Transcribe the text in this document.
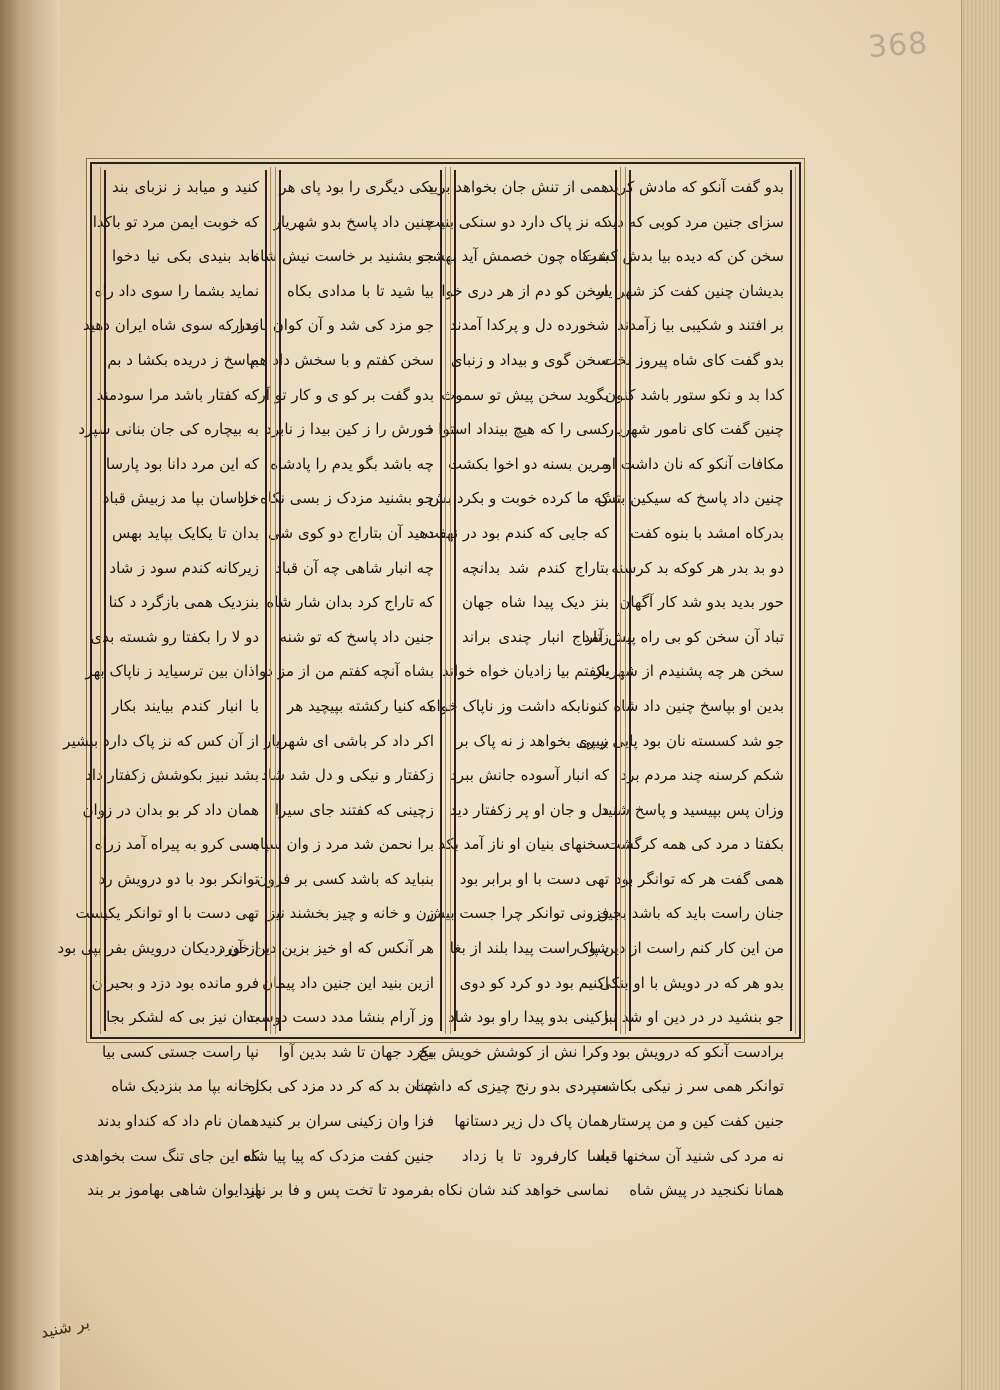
368
بدو گفت آنکو که مادش کرید
سزای جنین مرد کوبی که دید
سخن کن که دیده بیا بدش کشت
بدیشان چنین کفت کز شهر یار
بر افتند و شکیبی بیا زآمدند
بدو گفت کای شاه پیروز بخت
کدا بد و نکو ستور باشد کنون
چنین گفت کای نامور شهریار
مکافات آنکو که نان داشت او
چنین داد پاسخ که سیکین بتش
بدرکاه امشد با بنوه کفت
دو بد بدر هر کوکه بد کرسنه
حور بدید بدو شد کار آگهان
تباد آن سخن کو بی راه پیش آمد
سخن هر چه پشنیدم از شهریار
بدین او بپاسخ چنین داد شاه
جو شد کسسته نان بود پایی ز پی
شکم کرسنه چند مردم برد
وزان پس بپیسید و پاسخ شنید
بکفتا د مرد کی همه کرگشت
همی گفت هر که توانگر بود
جنان راست باید که باشد بجین
من این کار کنم راست از دین پاک
بدو هر که در دویش با او بنکی
جو بنشید در در دین او شد نبا
برادست آنکو که درویش بود
توانکر همی سر ز نیکی بکاشت
جنین کفت کین و من پرستار
نه مرد کی شنید آن سخنها قباد
همانا نکنجید در پیش شاه
همی از تنش جان بخواهد برید
که نز پاک دارد دو سنکی بنیت
بدرکاه چون خصمش آید بهشت
سخن کو دم از هر دری خوا
شخورده دل و پرکدا آمدند
سخن گوی و بیداد و زنبای
بگوید سخن پیش تو سموث
کسی را که هیچ بینداد استوا ذ
مرین بسنه دو اخوا بکشت
که ما کرده خوبت و بکرد بش
که جایی که کندم بود در نهفت
بتاراج کندم شد بدانچه
بنز دیک پیدا شاه جهان
زتاراج انبار چندی براند
بکفتم بیا زادیان خواه خواند
کنونابکه داشت وز ناپاک خواه
بپیری بخواهد ز نه پاک بر
که انبار آسوده جانش ببرد
دل و جان او پر زکفتار دید
سخنهای بنیان او ناز آمد بکد
تهی دست با او برابر بود
فزونی توانکر چرا جست بیش
شود راست پیدا بلند از بغا
اکنیم بود دو کرد کو دوی
زکینی بدو پیدا راو بود شاد
وکرا نش از کوشش خویش بیخ
سپردی بدو رنج چیزی که داشت
همان پاک دل زیر دستانها
بسا کارفرود تا با زداد
نماسی خواهد کند شان نکاه
یکی دیگری را بود پای هر
چنین داد پاسخ بدو شهریار
جو بشنید بر خاست نیش شاه
بیا شید تا با مدادی بکاه
جو مزد کی شد و آن کوان نامدار
سخن کفتم و با سخش داد هم
بدو گفت بر کو ی و کار تو آر
خورش را ز کین بیدا ز نابرد
چه باشد بگو یدم را پادشاه
جو بشنید مزدک ز بسی نکاه داد
دهید آن بتاراج دو کوی شی
چه انبار شاهی چه آن قباد
که تاراج کرد بدان شار شاه
جنین داد پاسخ که تو شنه
بشاه آنچه کفتم من از مز دو
که کنیا رکشته بپیچید هر
اکر داد کر باشی ای شهریار
زکفتار و نیکی و دل شد شاد
زچینی که کفتند جای سیرا
برا نحمن شد مرد ز وان سپاه
بنباید که باشد کسی بر فزون
زن و خانه و چیز بخشند نیز
هر آنکس که او خیز بزین دین خورد
ازین بنید این جنین داد پیمان
وز آرام بنشا مدد دست دوست
بکرد جهان تا شد بدین آوا
چنان بد که کر دد مزد کی بکاه
فزا وان زکینی سران بر کنید
جنین کفت مزدک که پیا پیا شاه
بفرمود تا تخت پس و فا بر نهید
کنید و میابد ز نزبای بند
که خوبت ایمن مرد تو باکدا
نابد بنیدی بکی نیا دخوا
نماید بشما را سوی داد راه
زدر که سوی شاه ایران دهید
بپاسخ ز دریده بکشا د بم
که کفتار باشد مرا سودمند
به بیچاره کی جان بنانی سپرد
که این مرد دانا بود پارسا
خراسان بپا مد زبیش قباد
بدان تا یکایک بپاید بهس
زیرکانه کندم سود ز شاد
بنزدیک همی بازگرد د کنا
دو لا را بکفتا رو شسته بدی
اذان بین ترسیاید ز ناپاک بهر
با انبار کندم بیایند بکار
از آن کس که نز پاک دارد ببشیر
بشد نبیز بکوشش زکفتار داد
همان داد کر بو بدان در زوان
بسی کرو به پیراه آمد زراه
توانکر بود با دو درویش رد
تهی دست با او توانکر یکیست
از آن زدیکان درویش بفر بپی بود
فرو مانده بود دزد و بحیران
بدان نیز بی که لشکر بجا
نپا راست جستی کسی بیا
زخانه بپا مد بنزدیک شاه
همان نام داد که کنداو بدند
که این جای تنگ ست بخواهدی
از ایوان شاهی بهاموز بر بند
بر شنید
